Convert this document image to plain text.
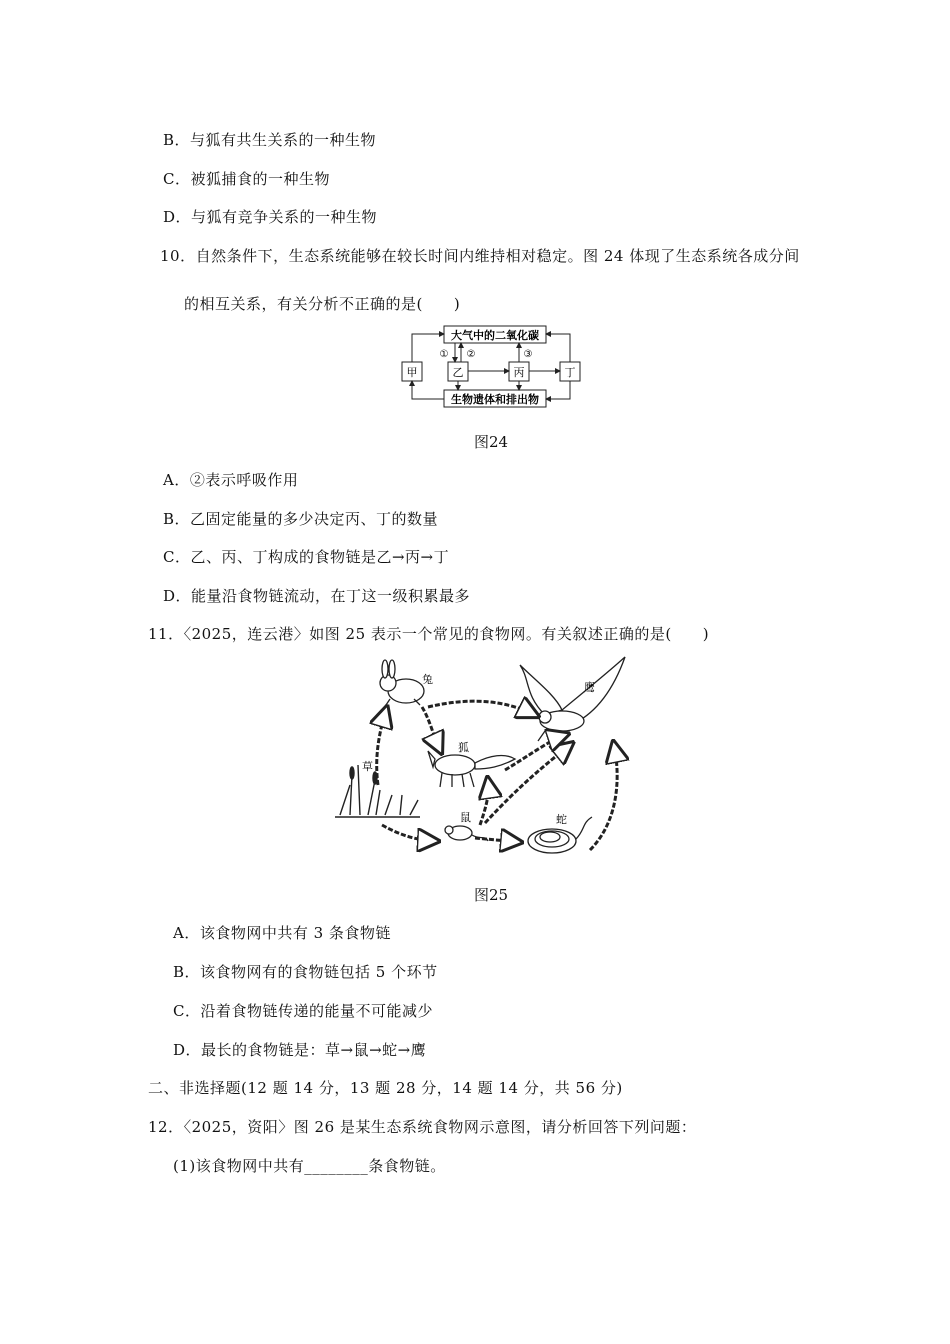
B．与狐有共生关系的一种生物
C．被狐捕食的一种生物
D．与狐有竞争关系的一种生物
10．自然条件下，生态系统能够在较长时间内维持相对稳定。图 24 体现了生态系统各成分间
的相互关系，有关分析不正确的是(　　)
大气中的二氧化碳
生物遗体和排出物
甲	乙	丙	丁
① ②	③
图24
A．②表示呼吸作用
B．乙固定能量的多少决定丙、丁的数量
C．乙、丙、丁构成的食物链是乙→丙→丁
D．能量沿食物链流动，在丁这一级积累最多
11．〈2025，连云港〉如图 25 表示一个常见的食物网。有关叙述正确的是(　　)
兔
鹰
草
狐
鼠	蛇
图25
A．该食物网中共有 3 条食物链
B．该食物网有的食物链包括 5 个环节
C．沿着食物链传递的能量不可能减少
D．最长的食物链是：草→鼠→蛇→鹰
二、非选择题(12 题 14 分，13 题 28 分，14 题 14 分，共 56 分)
12．〈2025，资阳〉图 26 是某生态系统食物网示意图，请分析回答下列问题：
(1)该食物网中共有________条食物链。
